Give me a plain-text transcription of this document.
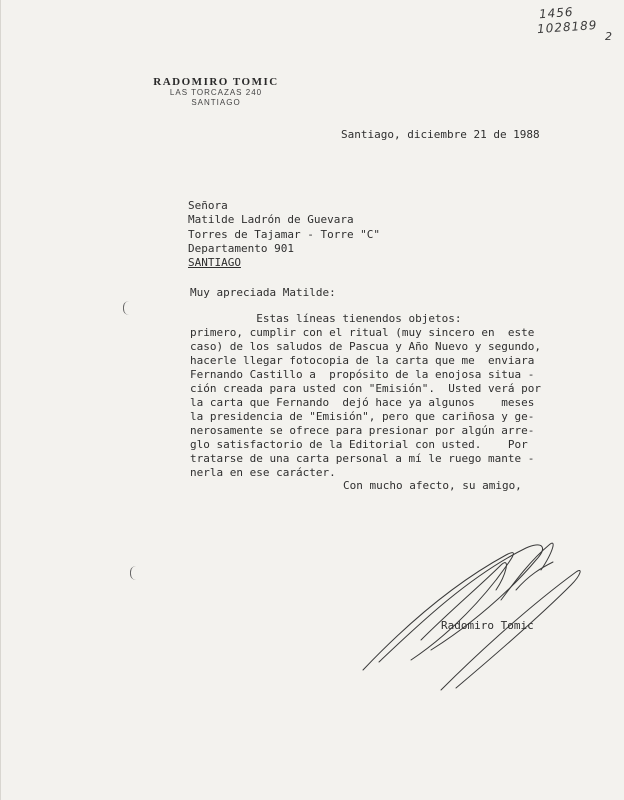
1456
1028189
2
RADOMIRO TOMIC
LAS TORCAZAS 240
SANTIAGO
Santiago, diciembre 21 de 1988
Señora
Matilde Ladrón de Guevara
Torres de Tajamar - Torre "C"
Departamento 901
SANTIAGO
Muy apreciada Matilde:
Estas líneas tienendos objetos:
primero, cumplir con el ritual (muy sincero en  este
caso) de los saludos de Pascua y Año Nuevo y segundo,
hacerle llegar fotocopia de la carta que me  enviara
Fernando Castillo a  propósito de la enojosa situa -
ción creada para usted con "Emisión".  Usted verá por
la carta que Fernando  dejó hace ya algunos    meses
la presidencia de "Emisión", pero que cariñosa y ge-
nerosamente se ofrece para presionar por algún arre-
glo satisfactorio de la Editorial con usted.    Por
tratarse de una carta personal a mí le ruego mante -
nerla en ese carácter.
Con mucho afecto, su amigo,
Radomiro Tomic
